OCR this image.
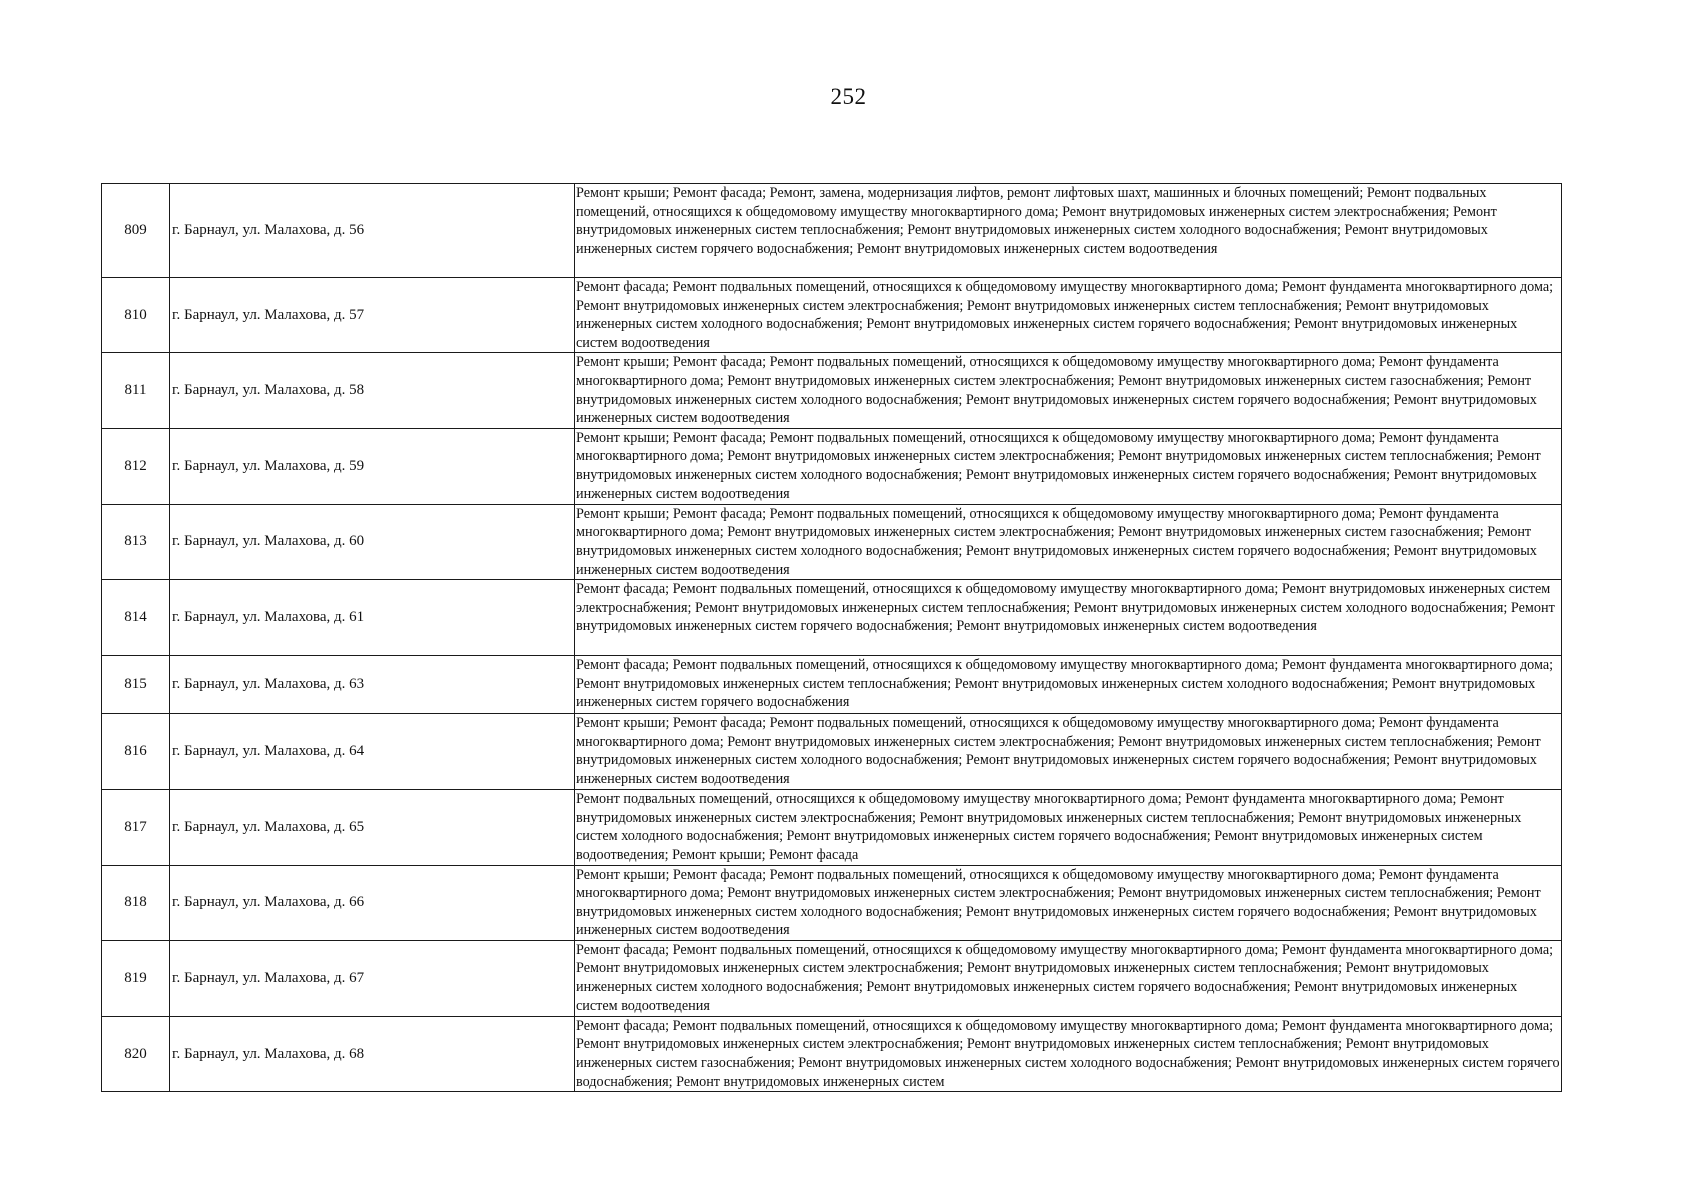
252
809	г. Барнаул, ул. Малахова, д. 56	Ремонт крыши; Ремонт фасада; Ремонт, замена, модернизация лифтов, ремонт лифтовых шахт, машинных и блочных помещений; Ремонт подвальных помещений, относящихся к общедомовому имуществу многоквартирного дома; Ремонт внутридомовых инженерных систем электроснабжения; Ремонт внутридомовых инженерных систем теплоснабжения; Ремонт внутридомовых инженерных систем холодного водоснабжения; Ремонт внутридомовых инженерных систем горячего водоснабжения; Ремонт внутридомовых инженерных систем водоотведения
810	г. Барнаул, ул. Малахова, д. 57	Ремонт фасада; Ремонт подвальных помещений, относящихся к общедомовому имуществу многоквартирного дома; Ремонт фундамента многоквартирного дома; Ремонт внутридомовых инженерных систем электроснабжения; Ремонт внутридомовых инженерных систем теплоснабжения; Ремонт внутридомовых инженерных систем холодного водоснабжения; Ремонт внутридомовых инженерных систем горячего водоснабжения; Ремонт внутридомовых инженерных систем водоотведения
811	г. Барнаул, ул. Малахова, д. 58	Ремонт крыши; Ремонт фасада; Ремонт подвальных помещений, относящихся к общедомовому имуществу многоквартирного дома; Ремонт фундамента многоквартирного дома; Ремонт внутридомовых инженерных систем электроснабжения; Ремонт внутридомовых инженерных систем газоснабжения; Ремонт внутридомовых инженерных систем холодного водоснабжения; Ремонт внутридомовых инженерных систем горячего водоснабжения; Ремонт внутридомовых инженерных систем водоотведения
812	г. Барнаул, ул. Малахова, д. 59	Ремонт крыши; Ремонт фасада; Ремонт подвальных помещений, относящихся к общедомовому имуществу многоквартирного дома; Ремонт фундамента многоквартирного дома; Ремонт внутридомовых инженерных систем электроснабжения; Ремонт внутридомовых инженерных систем теплоснабжения; Ремонт внутридомовых инженерных систем холодного водоснабжения; Ремонт внутридомовых инженерных систем горячего водоснабжения; Ремонт внутридомовых инженерных систем водоотведения
813	г. Барнаул, ул. Малахова, д. 60	Ремонт крыши; Ремонт фасада; Ремонт подвальных помещений, относящихся к общедомовому имуществу многоквартирного дома; Ремонт фундамента многоквартирного дома; Ремонт внутридомовых инженерных систем электроснабжения; Ремонт внутридомовых инженерных систем газоснабжения; Ремонт внутридомовых инженерных систем холодного водоснабжения; Ремонт внутридомовых инженерных систем горячего водоснабжения; Ремонт внутридомовых инженерных систем водоотведения
814	г. Барнаул, ул. Малахова, д. 61	Ремонт фасада; Ремонт подвальных помещений, относящихся к общедомовому имуществу многоквартирного дома; Ремонт внутридомовых инженерных систем электроснабжения; Ремонт внутридомовых инженерных систем теплоснабжения; Ремонт внутридомовых инженерных систем холодного водоснабжения; Ремонт внутридомовых инженерных систем горячего водоснабжения; Ремонт внутридомовых инженерных систем водоотведения
815	г. Барнаул, ул. Малахова, д. 63	Ремонт фасада; Ремонт подвальных помещений, относящихся к общедомовому имуществу многоквартирного дома; Ремонт фундамента многоквартирного дома; Ремонт внутридомовых инженерных систем теплоснабжения; Ремонт внутридомовых инженерных систем холодного водоснабжения; Ремонт внутридомовых инженерных систем горячего водоснабжения
816	г. Барнаул, ул. Малахова, д. 64	Ремонт крыши; Ремонт фасада; Ремонт подвальных помещений, относящихся к общедомовому имуществу многоквартирного дома; Ремонт фундамента многоквартирного дома; Ремонт внутридомовых инженерных систем электроснабжения; Ремонт внутридомовых инженерных систем теплоснабжения; Ремонт внутридомовых инженерных систем холодного водоснабжения; Ремонт внутридомовых инженерных систем горячего водоснабжения; Ремонт внутридомовых инженерных систем водоотведения
817	г. Барнаул, ул. Малахова, д. 65	Ремонт подвальных помещений, относящихся к общедомовому имуществу многоквартирного дома; Ремонт фундамента многоквартирного дома; Ремонт внутридомовых инженерных систем электроснабжения; Ремонт внутридомовых инженерных систем теплоснабжения; Ремонт внутридомовых инженерных систем холодного водоснабжения; Ремонт внутридомовых инженерных систем горячего водоснабжения; Ремонт внутридомовых инженерных систем водоотведения; Ремонт крыши; Ремонт фасада
818	г. Барнаул, ул. Малахова, д. 66	Ремонт крыши; Ремонт фасада; Ремонт подвальных помещений, относящихся к общедомовому имуществу многоквартирного дома; Ремонт фундамента многоквартирного дома; Ремонт внутридомовых инженерных систем электроснабжения; Ремонт внутридомовых инженерных систем теплоснабжения; Ремонт внутридомовых инженерных систем холодного водоснабжения; Ремонт внутридомовых инженерных систем горячего водоснабжения; Ремонт внутридомовых инженерных систем водоотведения
819	г. Барнаул, ул. Малахова, д. 67	Ремонт фасада; Ремонт подвальных помещений, относящихся к общедомовому имуществу многоквартирного дома; Ремонт фундамента многоквартирного дома; Ремонт внутридомовых инженерных систем электроснабжения; Ремонт внутридомовых инженерных систем теплоснабжения; Ремонт внутридомовых инженерных систем холодного водоснабжения; Ремонт внутридомовых инженерных систем горячего водоснабжения; Ремонт внутридомовых инженерных систем водоотведения
820	г. Барнаул, ул. Малахова, д. 68	Ремонт фасада; Ремонт подвальных помещений, относящихся к общедомовому имуществу многоквартирного дома; Ремонт фундамента многоквартирного дома; Ремонт внутридомовых инженерных систем электроснабжения; Ремонт внутридомовых инженерных систем теплоснабжения; Ремонт внутридомовых инженерных систем газоснабжения; Ремонт внутридомовых инженерных систем холодного водоснабжения; Ремонт внутридомовых инженерных систем горячего водоснабжения; Ремонт внутридомовых инженерных систем
